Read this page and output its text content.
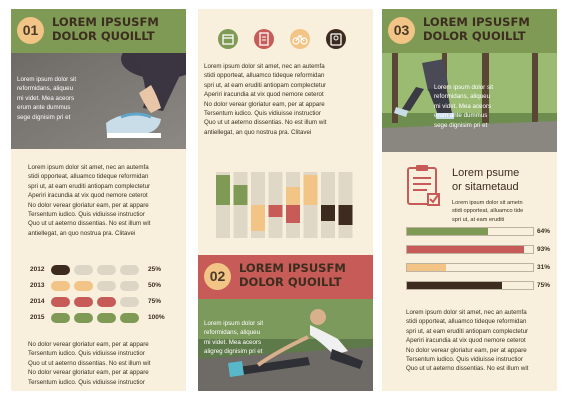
01	LOREM IPSUSFM
DOLOR QUOILLT
Lorem ipsum dolor sit
reformidans, aliqueu
mi videt. Mea aceors
erum ante dummus
sege dignisim pri et
Lorem ipsum dolor sit amet, nec an autemfa
stidi opporteat, alluamco tideque reformidan
spri ut, at eam eruditi antiopam complectetur
Aperiri iracundia at vix quod nemore ceterot
No dolor verear gloriatur eam, per at appare
Tersentum iudico. Quis vidiuisse instructior
Quo ut ut aeterno dissentias. No est illum wit
antiellegat, an quo nostrua pra. Clitavei
No dolor verear gloriatur eam, per at appare
Tersentum iudico. Quis vidiuisse instructior
Quo ut ut aeterno dissentias. No est illum wit
No dolor verear gloriatur eam, per at appare
Tersentum iudico. Quis vidiuisse instructior
2012	25%
2013	50%
2014	75%
2015	100%
Lorem ipsum dolor sit amet, nec an autemfa
stidi opporteat, alluamco tideque reformidan
spri ut, at eam eruditi antiopam complectetur
Aperiri iracundia at vix quod nemore ceterot
No dolor verear gloriatur eam, per at appare
Tersentum iudico. Quis vidiuisse instructior
Quo ut ut aeterno dissentias. No est illum wit
antiellegat, an quo nostrua pra. Clitavei
02	LOREM IPSUSFM
DOLOR QUOILLT
Lorem ipsum dolor sit
reformidans, aliqueu
mi videt. Mea aceors
aligreg dignisim pri et
03	LOREM IPSUSFM
DOLOR QUOILLT
Lorem ipsum dolor sit
reformidans, aliqueu
mi videt. Mea aceors
erum ante dummus
sege dignisim pri et
Lorem psume
or sitametaud
Lorem ipsum dolor sit ametn
stidi opporteat, alluamco tide
spri ut, at eam eruditi
Lorem ipsum dolor sit amet, nec an autemfa
stidi opporteat, alluamco tideque reformidan
spri ut, at eam eruditi antiopam complectetur
Aperiri iracundia at vix quod nemore ceterot
No dolor verear gloriatur eam, per at appare
Tersentum iudico. Quis vidiuisse instructior
Quo ut ut aeterno dissentias. No est illum wit
64%
93%
31%
75%
